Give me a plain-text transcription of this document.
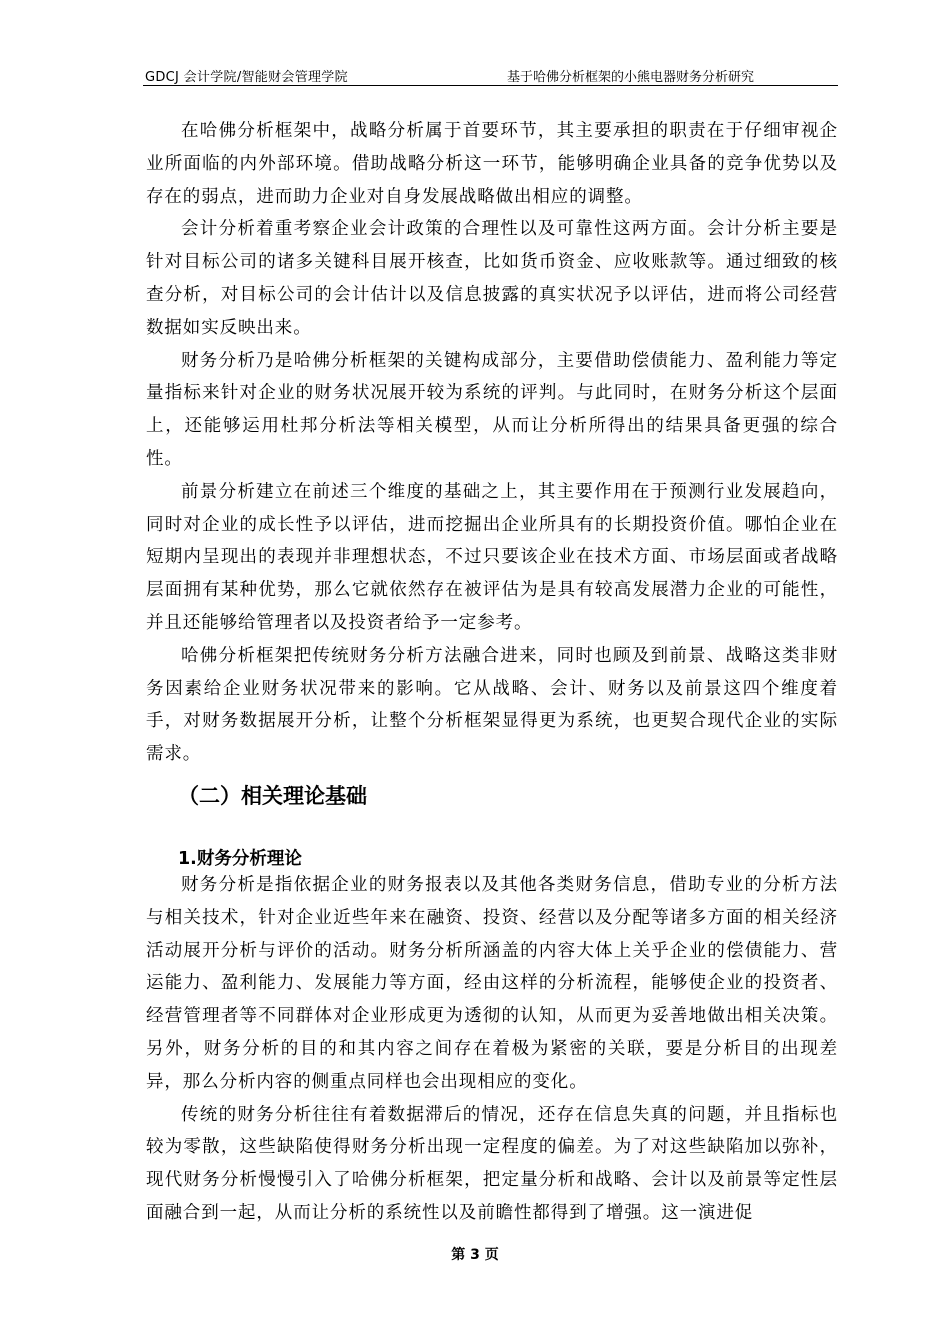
GDCJ 会计学院/智能财会管理学院	基于哈佛分析框架的小熊电器财务分析研究

在哈佛分析框架中，战略分析属于首要环节，其主要承担的职责在于仔细审视企业所面临的内外部环境。借助战略分析这一环节，能够明确企业具备的竞争优势以及存在的弱点，进而助力企业对自身发展战略做出相应的调整。

会计分析着重考察企业会计政策的合理性以及可靠性这两方面。会计分析主要是针对目标公司的诸多关键科目展开核查，比如货币资金、应收账款等。通过细致的核查分析，对目标公司的会计估计以及信息披露的真实状况予以评估，进而将公司经营数据如实反映出来。

财务分析乃是哈佛分析框架的关键构成部分，主要借助偿债能力、盈利能力等定量指标来针对企业的财务状况展开较为系统的评判。与此同时，在财务分析这个层面上，还能够运用杜邦分析法等相关模型，从而让分析所得出的结果具备更强的综合性。

前景分析建立在前述三个维度的基础之上，其主要作用在于预测行业发展趋向，同时对企业的成长性予以评估，进而挖掘出企业所具有的长期投资价值。哪怕企业在短期内呈现出的表现并非理想状态，不过只要该企业在技术方面、市场层面或者战略层面拥有某种优势，那么它就依然存在被评估为是具有较高发展潜力企业的可能性，并且还能够给管理者以及投资者给予一定参考。

哈佛分析框架把传统财务分析方法融合进来，同时也顾及到前景、战略这类非财务因素给企业财务状况带来的影响。它从战略、会计、财务以及前景这四个维度着手，对财务数据展开分析，让整个分析框架显得更为系统，也更契合现代企业的实际需求。

（二）相关理论基础
1.财务分析理论

财务分析是指依据企业的财务报表以及其他各类财务信息，借助专业的分析方法与相关技术，针对企业近些年来在融资、投资、经营以及分配等诸多方面的相关经济活动展开分析与评价的活动。财务分析所涵盖的内容大体上关乎企业的偿债能力、营运能力、盈利能力、发展能力等方面，经由这样的分析流程，能够使企业的投资者、经营管理者等不同群体对企业形成更为透彻的认知，从而更为妥善地做出相关决策。另外，财务分析的目的和其内容之间存在着极为紧密的关联，要是分析目的出现差异，那么分析内容的侧重点同样也会出现相应的变化。

传统的财务分析往往有着数据滞后的情况，还存在信息失真的问题，并且指标也较为零散，这些缺陷使得财务分析出现一定程度的偏差。为了对这些缺陷加以弥补，现代财务分析慢慢引入了哈佛分析框架，把定量分析和战略、会计以及前景等定性层面融合到一起，从而让分析的系统性以及前瞻性都得到了增强。这一演进促

第 3 页
